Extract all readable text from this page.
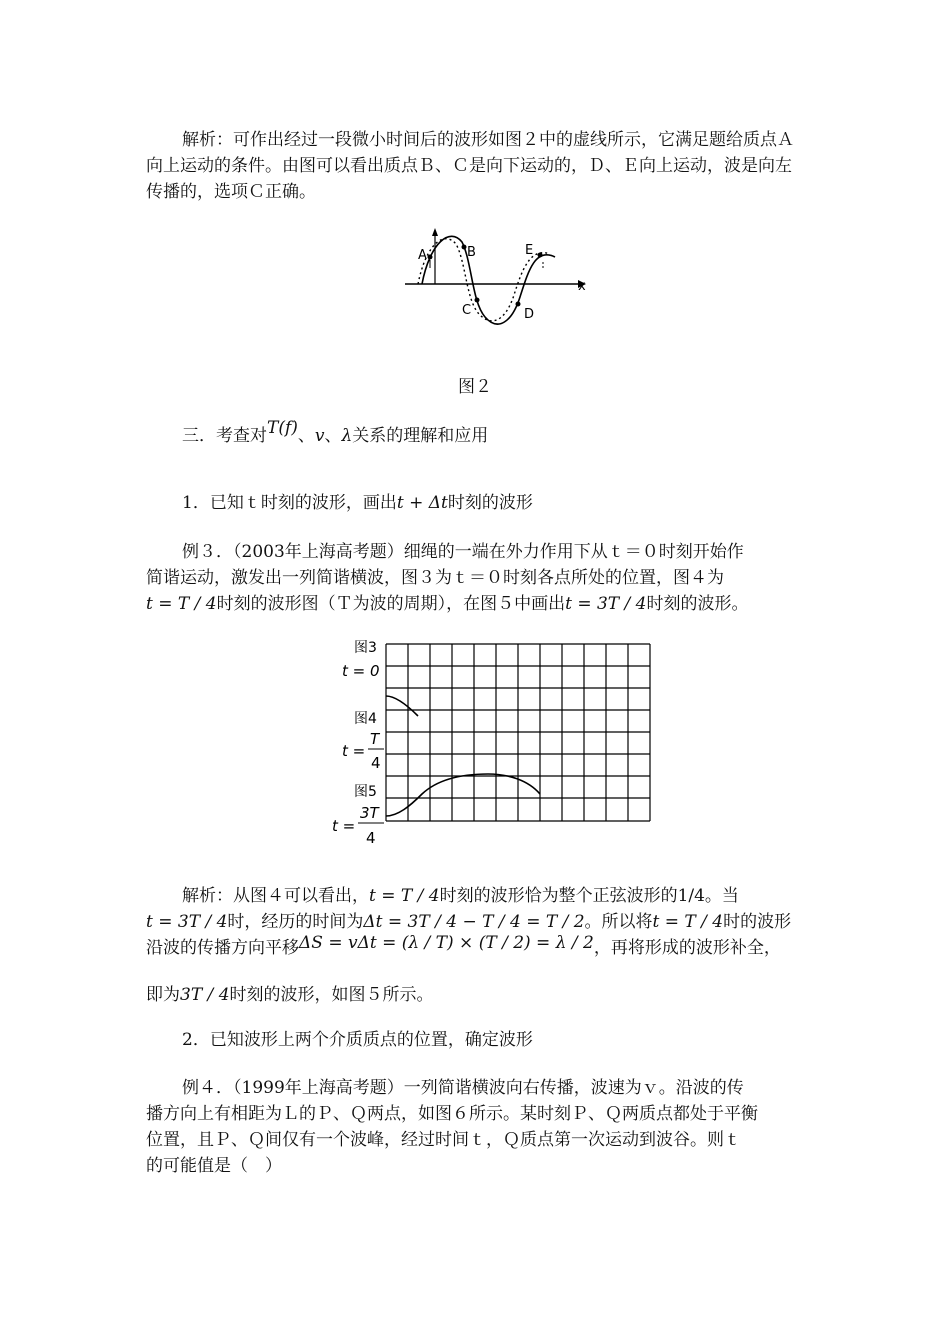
解析：可作出经过一段微小时间后的波形如图２中的虚线所示，它满足题给质点Ａ向上运动的条件。由图可以看出质点Ｂ、Ｃ是向下运动的，Ｄ、Ｅ向上运动，波是向左传播的，选项Ｃ正确。

A	B
C	D
E
x
图２

三．考查对T(f)、v、λ关系的理解和应用

1．已知ｔ时刻的波形，画出t + Δt时刻的波形

例３．（2003年上海高考题）细绳的一端在外力作用下从ｔ＝０时刻开始作

简谐运动，激发出一列简谐横波，图３为ｔ＝０时刻各点所处的位置，图４为

t = T / 4时刻的波形图（Ｔ为波的周期），在图５中画出t = 3T / 4时刻的波形。

图3
t = 0
图4
t =
T
4
图5
t =
3T
4

解析：从图４可以看出，t = T / 4时刻的波形恰为整个正弦波形的1/4。当

t = 3T / 4时，经历的时间为Δt = 3T / 4 − T / 4 = T / 2。所以将t = T / 4时的波形

沿波的传播方向平移ΔS = vΔt = (λ / T) × (T / 2) = λ / 2，再将形成的波形补全，

即为3T / 4时刻的波形，如图５所示。

2．已知波形上两个介质质点的位置，确定波形

例４．（1999年上海高考题）一列简谐横波向右传播，波速为ｖ。沿波的传

播方向上有相距为Ｌ的Ｐ、Ｑ两点，如图６所示。某时刻Ｐ、Ｑ两质点都处于平衡

位置，且Ｐ、Ｑ间仅有一个波峰，经过时间ｔ，Ｑ质点第一次运动到波谷。则ｔ

的可能值是（　）
